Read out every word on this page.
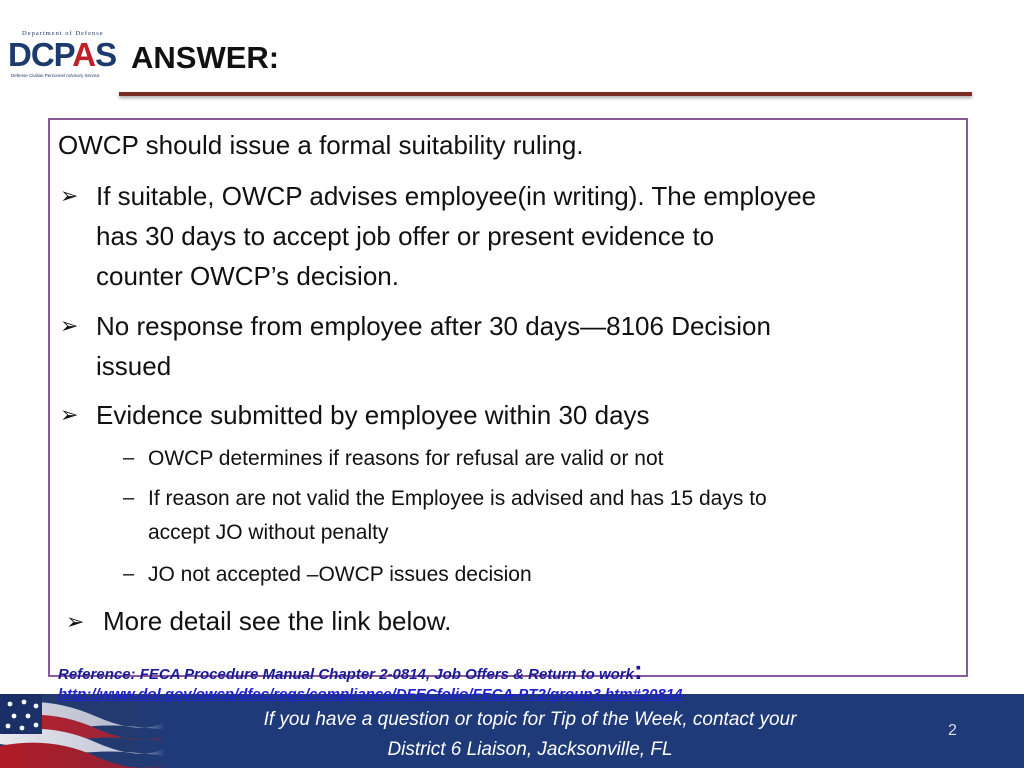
Department of Defense
DCPAS
Defense Civilian Personnel Advisory Service
ANSWER:
OWCP should issue a formal suitability ruling.
➢ If suitable, OWCP advises employee(in writing). The employee
has 30 days to accept job offer or present evidence to
counter OWCP’s decision.
➢ No response from employee after 30 days—8106 Decision
issued
➢ Evidence submitted by employee within 30 days
– OWCP determines if reasons for refusal are valid or not
– If reason are not valid the Employee is advised and has 15 days to
accept JO without penalty
– JO not accepted –OWCP issues decision
➢ More detail see the link below.
Reference: FECA Procedure Manual Chapter 2-0814, Job Offers & Return to work:
http://www.dol.gov/owcp/dfec/regs/compliance/DFECfolio/FECA-PT2/group3.htm#20814
If you have a question or topic for Tip of the Week, contact your
District 6 Liaison, Jacksonville, FL
2
